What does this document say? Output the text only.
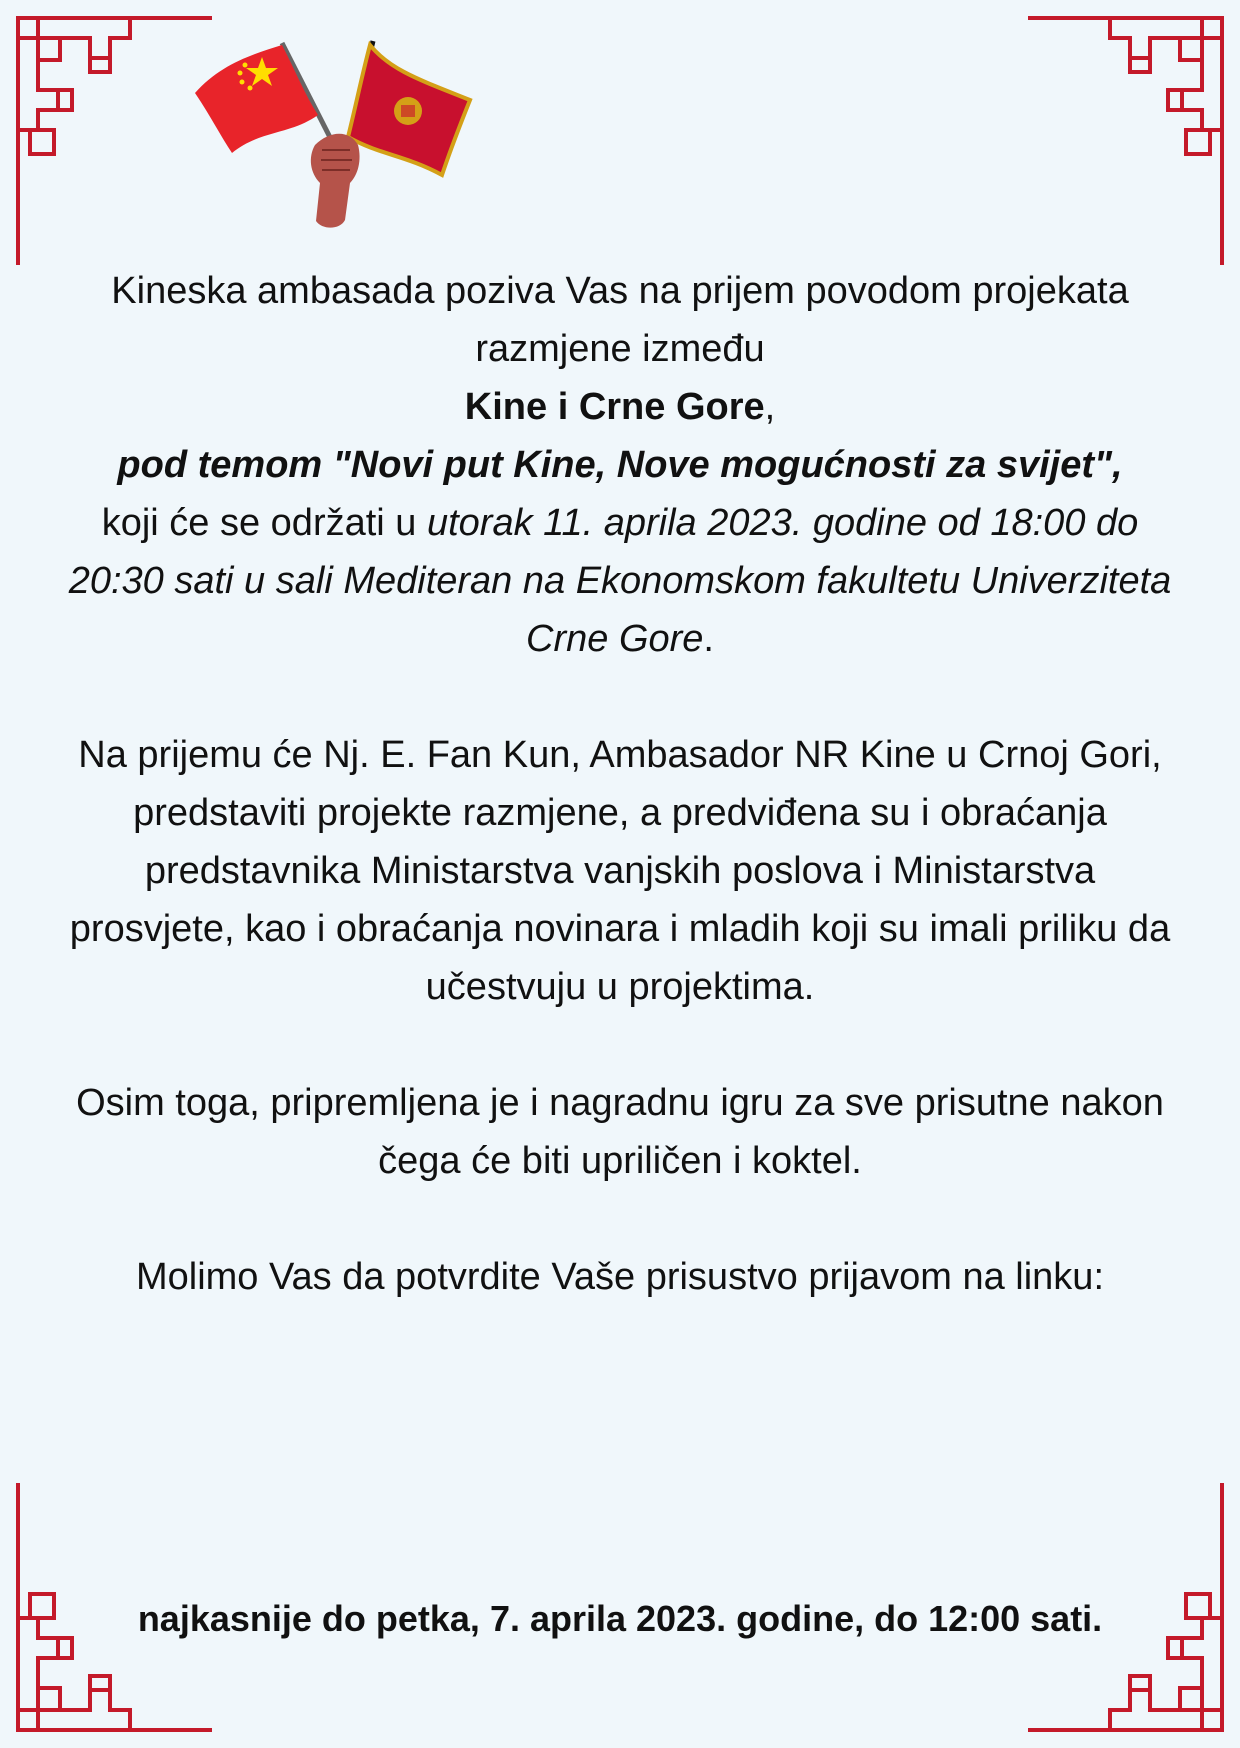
Kineska ambasada poziva Vas na prijem povodom projekata razmjene između
Kine i Crne Gore,
pod temom "Novi put Kine, Nove mogućnosti za svijet",
koji će se održati u utorak 11. aprila 2023. godine od 18:00 do 20:30 sati u sali Mediteran na Ekonomskom fakultetu Univerziteta Crne Gore.

Na prijemu će Nj. E. Fan Kun, Ambasador NR Kine u Crnoj Gori, predstaviti projekte razmjene, a predviđena su i obraćanja predstavnika Ministarstva vanjskih poslova i Ministarstva prosvjete, kao i obraćanja novinara i mladih koji su imali priliku da učestvuju u projektima.

Osim toga, pripremljena je i nagradnu igru za sve prisutne nakon čega će biti upriličen i koktel.

Molimo Vas da potvrdite Vaše prisustvo prijavom na linku:

najkasnije do petka, 7. aprila 2023. godine, do 12:00 sati.
